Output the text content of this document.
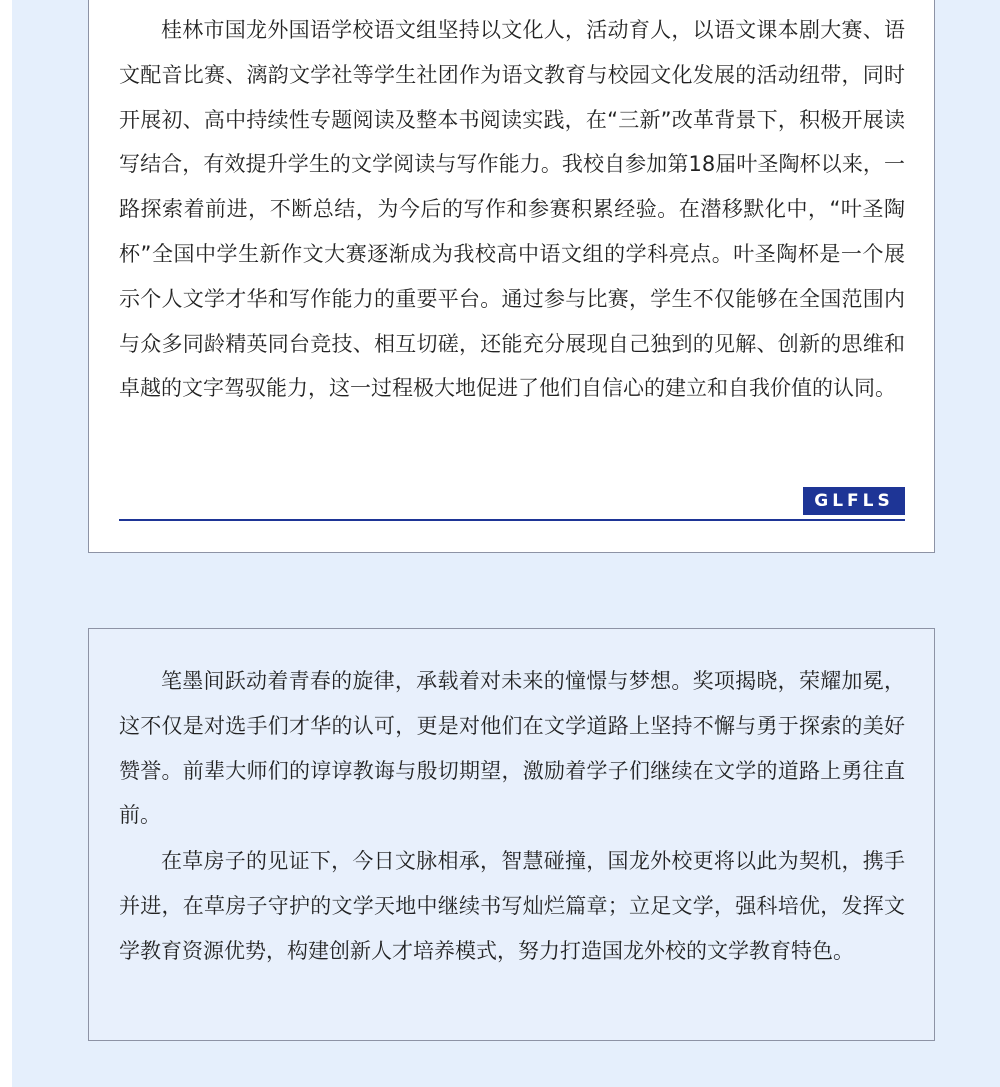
桂林市国龙外国语学校语文组坚持以文化人，活动育人，以语文课本剧大赛、语文配音比赛、漓韵文学社等学生社团作为语文教育与校园文化发展的活动纽带，同时开展初、高中持续性专题阅读及整本书阅读实践，在“三新”改革背景下，积极开展读写结合，有效提升学生的文学阅读与写作能力。我校自参加第18届叶圣陶杯以来，一路探索着前进，不断总结，为今后的写作和参赛积累经验。在潜移默化中，“叶圣陶杯”全国中学生新作文大赛逐渐成为我校高中语文组的学科亮点。叶圣陶杯是一个展示个人文学才华和写作能力的重要平台。通过参与比赛，学生不仅能够在全国范围内与众多同龄精英同台竞技、相互切磋，还能充分展现自己独到的见解、创新的思维和卓越的文字驾驭能力，这一过程极大地促进了他们自信心的建立和自我价值的认同。

GLFLS

笔墨间跃动着青春的旋律，承载着对未来的憧憬与梦想。奖项揭晓，荣耀加冕，这不仅是对选手们才华的认可，更是对他们在文学道路上坚持不懈与勇于探索的美好赞誉。前辈大师们的谆谆教诲与殷切期望，激励着学子们继续在文学的道路上勇往直前。

在草房子的见证下，今日文脉相承，智慧碰撞，国龙外校更将以此为契机，携手并进，在草房子守护的文学天地中继续书写灿烂篇章；立足文学，强科培优，发挥文学教育资源优势，构建创新人才培养模式，努力打造国龙外校的文学教育特色。
